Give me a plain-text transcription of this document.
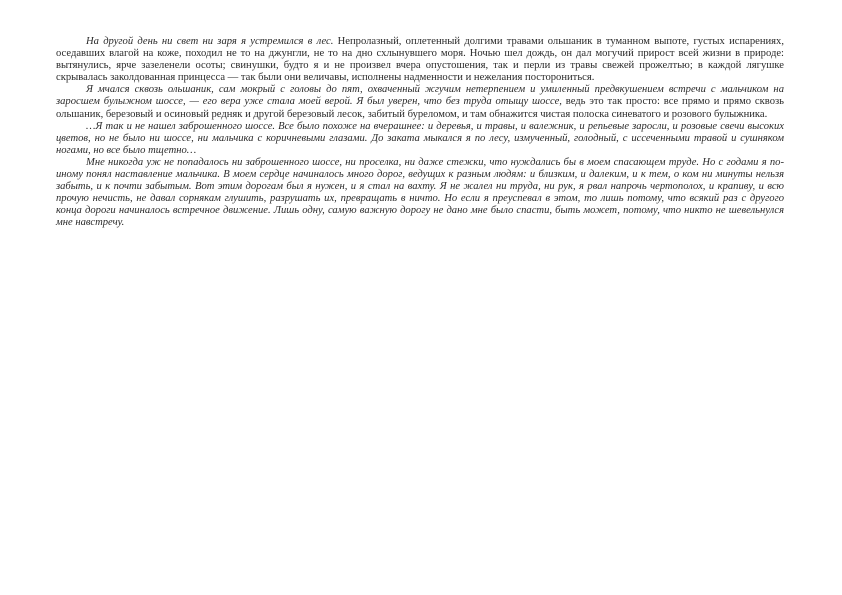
На другой день ни свет ни заря я устремился в лес. Непролазный, оплетенный долгими травами ольшаник в туманном выпоте, густых испарениях, оседавших влагой на коже, походил не то на джунгли, не то на дно схлынувшего моря. Ночью шел дождь, он дал могучий прирост всей жизни в природе: вытянулись, ярче зазеленели осоты; свинушки, будто я и не произвел вчера опустошения, так и перли из травы свежей прожелтью; в каждой лягушке скрывалась заколдованная принцесса — так были они величавы, исполнены надменности и нежелания посторониться.

Я мчался сквозь ольшаник, сам мокрый с головы до пят, охваченный жгучим нетерпением и умиленный предвкушением встречи с мальчиком на заросшем булыжном шоссе, — его вера уже стала моей верой. Я был уверен, что без труда отыщу шоссе, ведь это так просто: все прямо и прямо сквозь ольшаник, березовый и осиновый редняк и другой березовый лесок, забитый буреломом, и там обнажится чистая полоска синеватого и розового булыжника.

…Я так и не нашел заброшенного шоссе. Все было похоже на вчерашнее: и деревья, и травы, и валежник, и репьевые заросли, и розовые свечи высоких цветов, но не было ни шоссе, ни мальчика с коричневыми глазами. До заката мыкался я по лесу, измученный, голодный, с иссеченными травой и сушняком ногами, но все было тщетно…

Мне никогда уж не попадалось ни заброшенного шоссе, ни проселка, ни даже стежки, что нуждались бы в моем спасающем труде. Но с годами я по-иному понял наставление мальчика. В моем сердце начиналось много дорог, ведущих к разным людям: и близким, и далеким, и к тем, о ком ни минуты нельзя забыть, и к почти забытым. Вот этим дорогам был я нужен, и я стал на вахту. Я не жалел ни труда, ни рук, я рвал напрочь чертополох, и крапиву, и всю прочую нечисть, не давал сорнякам глушить, разрушать их, превращать в ничто. Но если я преуспевал в этом, то лишь потому, что всякий раз с другого конца дороги начиналось встречное движение. Лишь одну, самую важную дорогу не дано мне было спасти, быть может, потому, что никто не шевельнулся мне навстречу.
